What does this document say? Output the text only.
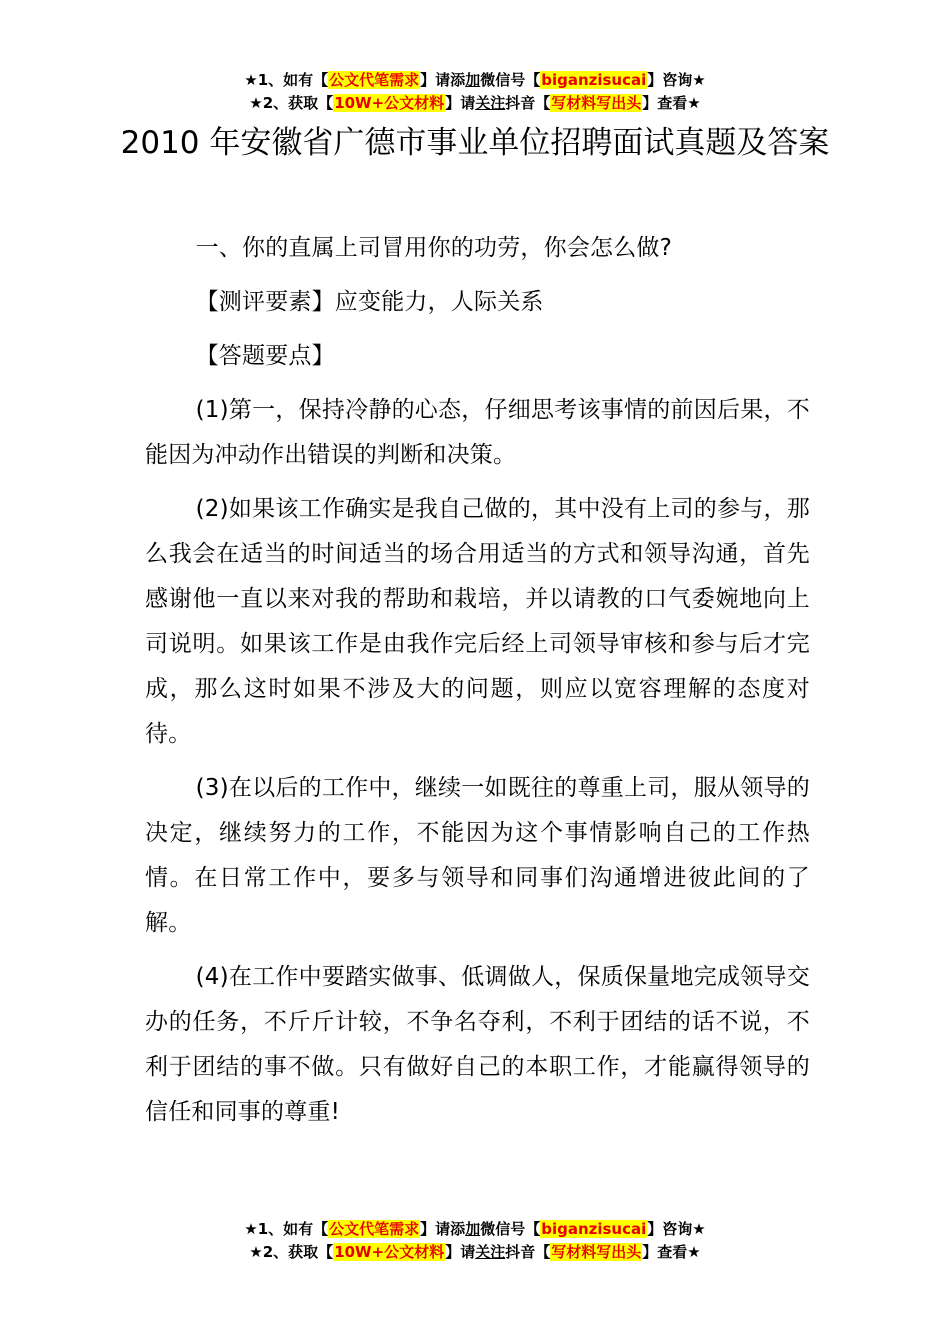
★1、如有【公文代笔需求】请添加微信号【biganzisucai】咨询★
★2、获取【10W+公文材料】请关注抖音【写材料写出头】查看★
2010 年安徽省广德市事业单位招聘面试真题及答案

一、你的直属上司冒用你的功劳，你会怎么做?

【测评要素】应变能力，人际关系

【答题要点】

(1)第一，保持冷静的心态，仔细思考该事情的前因后果，不能因为冲动作出错误的判断和决策。

(2)如果该工作确实是我自己做的，其中没有上司的参与，那么我会在适当的时间适当的场合用适当的方式和领导沟通，首先感谢他一直以来对我的帮助和栽培，并以请教的口气委婉地向上司说明。如果该工作是由我作完后经上司领导审核和参与后才完成，那么这时如果不涉及大的问题，则应以宽容理解的态度对待。

(3)在以后的工作中，继续一如既往的尊重上司，服从领导的决定，继续努力的工作，不能因为这个事情影响自己的工作热情。在日常工作中，要多与领导和同事们沟通增进彼此间的了解。

(4)在工作中要踏实做事、低调做人，保质保量地完成领导交办的任务，不斤斤计较，不争名夺利，不利于团结的话不说，不利于团结的事不做。只有做好自己的本职工作，才能赢得领导的信任和同事的尊重!

★1、如有【公文代笔需求】请添加微信号【biganzisucai】咨询★
★2、获取【10W+公文材料】请关注抖音【写材料写出头】查看★
